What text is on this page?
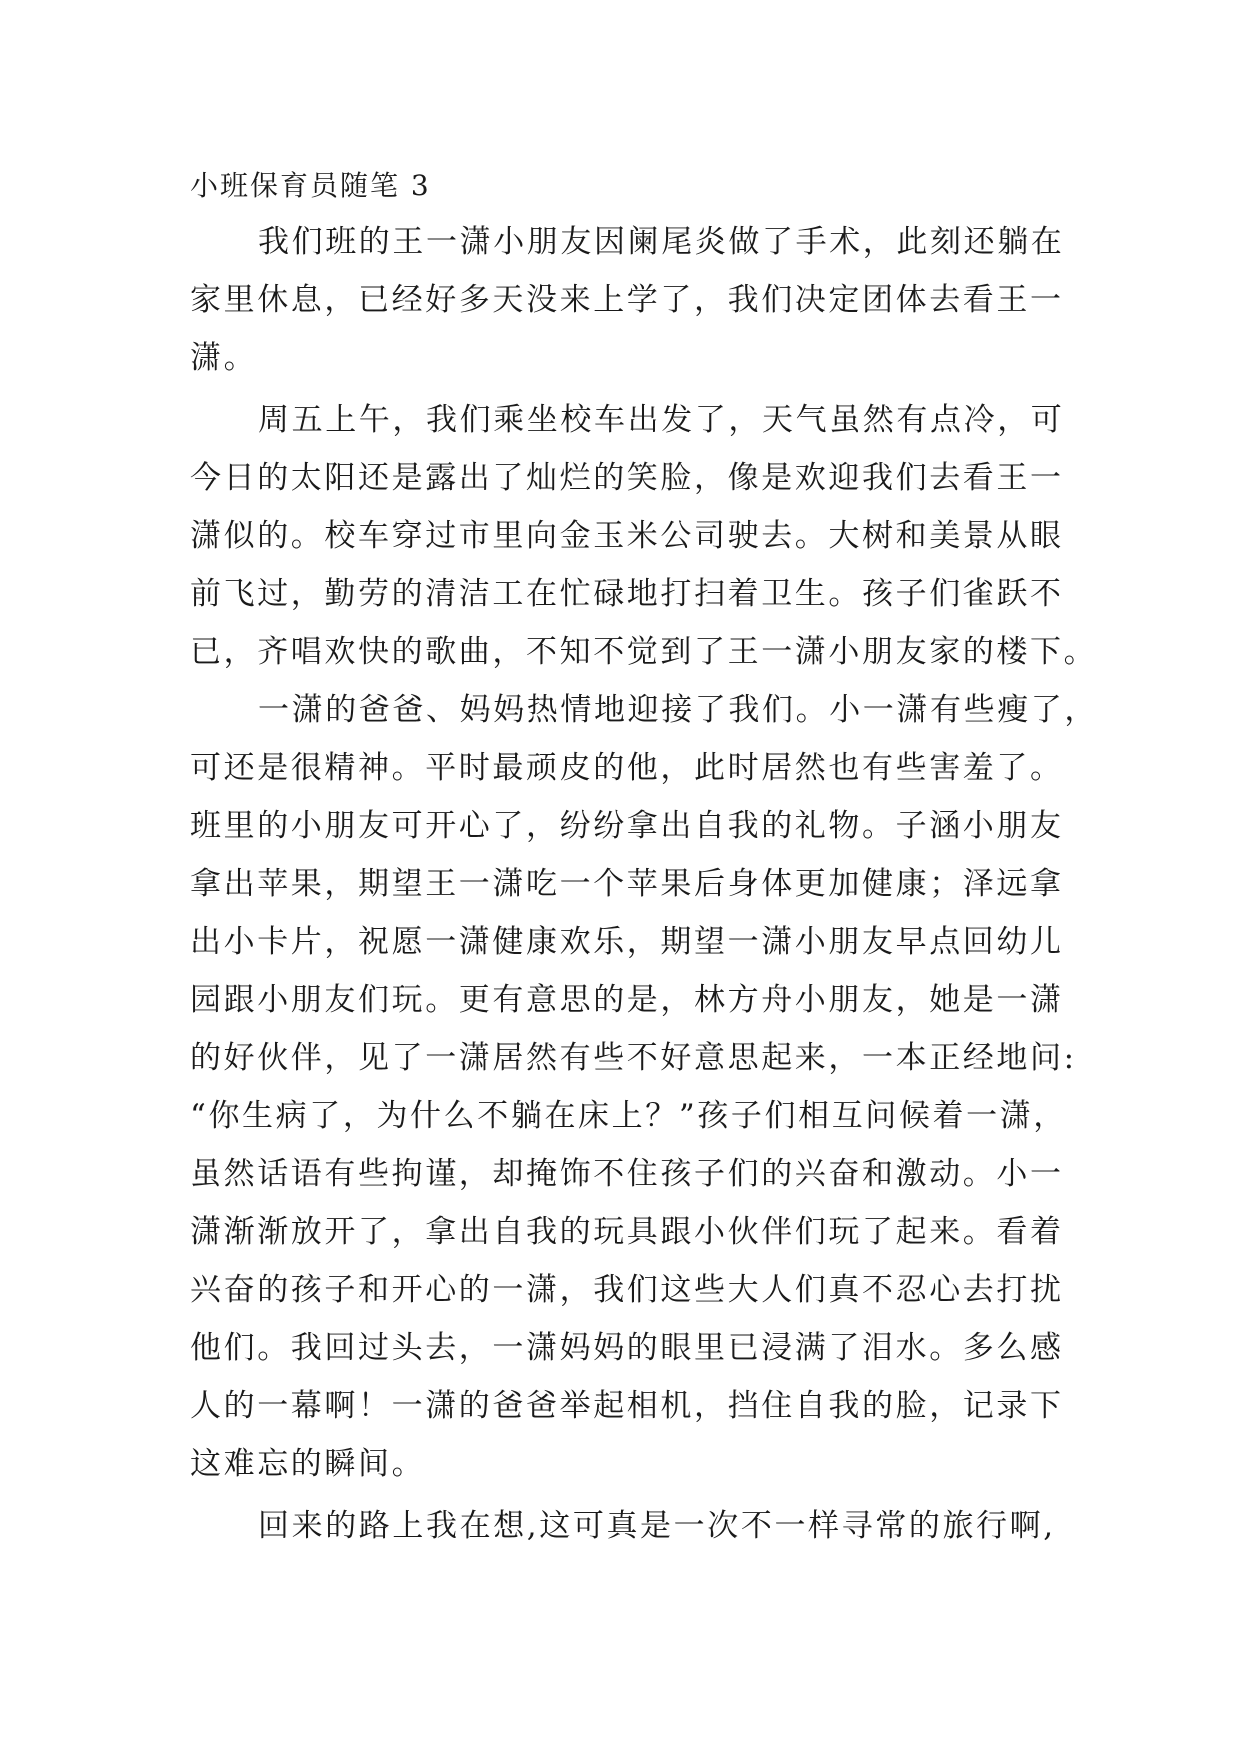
小班保育员随笔 3
我们班的王一潇小朋友因阑尾炎做了手术，此刻还躺在
家里休息，已经好多天没来上学了，我们决定团体去看王一
潇。
周五上午，我们乘坐校车出发了，天气虽然有点冷，可
今日的太阳还是露出了灿烂的笑脸，像是欢迎我们去看王一
潇似的。校车穿过市里向金玉米公司驶去。大树和美景从眼
前飞过，勤劳的清洁工在忙碌地打扫着卫生。孩子们雀跃不
已，齐唱欢快的歌曲，不知不觉到了王一潇小朋友家的楼下。
一潇的爸爸、妈妈热情地迎接了我们。小一潇有些瘦了，
可还是很精神。平时最顽皮的他，此时居然也有些害羞了。
班里的小朋友可开心了，纷纷拿出自我的礼物。子涵小朋友
拿出苹果，期望王一潇吃一个苹果后身体更加健康；泽远拿
出小卡片，祝愿一潇健康欢乐，期望一潇小朋友早点回幼儿
园跟小朋友们玩。更有意思的是，林方舟小朋友，她是一潇
的好伙伴，见了一潇居然有些不好意思起来，一本正经地问:
“你生病了，为什么不躺在床上？”孩子们相互问候着一潇，
虽然话语有些拘谨，却掩饰不住孩子们的兴奋和激动。小一
潇渐渐放开了，拿出自我的玩具跟小伙伴们玩了起来。看着
兴奋的孩子和开心的一潇，我们这些大人们真不忍心去打扰
他们。我回过头去，一潇妈妈的眼里已浸满了泪水。多么感
人的一幕啊！一潇的爸爸举起相机，挡住自我的脸，记录下
这难忘的瞬间。
回来的路上我在想,这可真是一次不一样寻常的旅行啊,
